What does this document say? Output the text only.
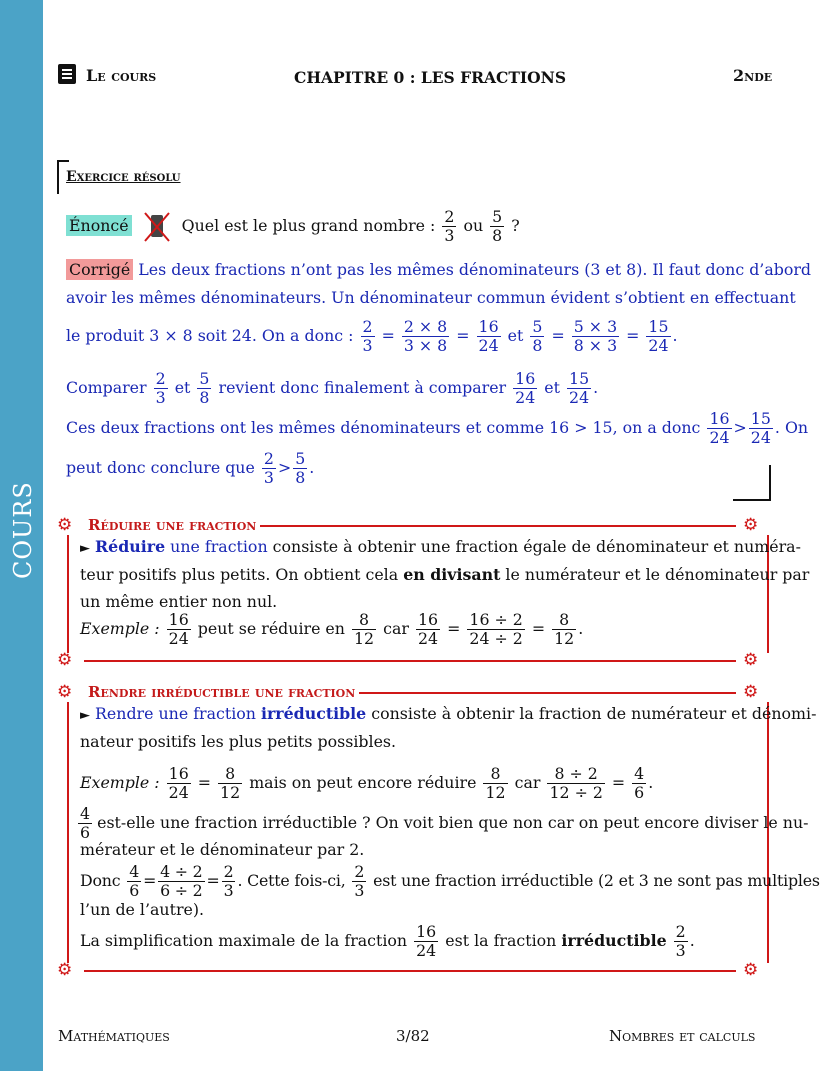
COURS
Le cours	CHAPITRE 0 : LES FRACTIONS	2nde
Exercice résolu
Énoncé	Quel est le plus grand nombre : $\frac{2}{3}$ ou $\frac{5}{8}$ ?
Corrigé Les deux fractions n’ont pas les mêmes dénominateurs (3 et 8). Il faut donc d’abord
avoir les mêmes dénominateurs. Un dénominateur commun évident s’obtient en effectuant
le produit 3 × 8 soit 24. On a donc : $\frac{2}{3} = \frac{2 \times 8}{3 \times 8} = \frac{16}{24}$ et $\frac{5}{8} = \frac{5 \times 3}{8 \times 3} = \frac{15}{24}$ .
Comparer $\frac{2}{3}$ et $\frac{5}{8}$ revient donc finalement à comparer $\frac{16}{24}$ et $\frac{15}{24}$ .
Ces deux fractions ont les mêmes dénominateurs et comme 16 > 15, on a donc $\frac{16}{24} > \frac{15}{24}$ . On
peut donc conclure que $\frac{2}{3} > \frac{5}{8}$ .
⚙	⚙
⚙	⚙
Réduire une fraction
► Réduire une fraction consiste à obtenir une fraction égale de dénominateur et numéra-
teur positifs plus petits. On obtient cela en divisant le numérateur et le dénominateur par
un même entier non nul.
Exemple : $\frac{16}{24}$ peut se réduire en $\frac{8}{12}$ car $\frac{16}{24} = \frac{16 \div 2}{24 \div 2} = \frac{8}{12}$ .
⚙	⚙
⚙	⚙
Rendre irréductible une fraction
► Rendre une fraction irréductible consiste à obtenir la fraction de numérateur et dénomi-
nateur positifs les plus petits possibles.
Exemple : $\frac{16}{24} = \frac{8}{12}$ mais on peut encore réduire $\frac{8}{12}$ car $\frac{8 \div 2}{12 \div 2} = \frac{4}{6}$ .
$\frac{4}{6}$ est-elle une fraction irréductible ? On voit bien que non car on peut encore diviser le nu-
mérateur et le dénominateur par 2.
Donc $\frac{4}{6} = \frac{4 \div 2}{6 \div 2} = \frac{2}{3}$ . Cette fois-ci, $\frac{2}{3}$ est une fraction irréductible (2 et 3 ne sont pas multiples
l’un de l’autre).
La simplification maximale de la fraction $\frac{16}{24}$ est la fraction irréductible $\frac{2}{3}$ .
Mathématiques	3/82	Nombres et calculs
